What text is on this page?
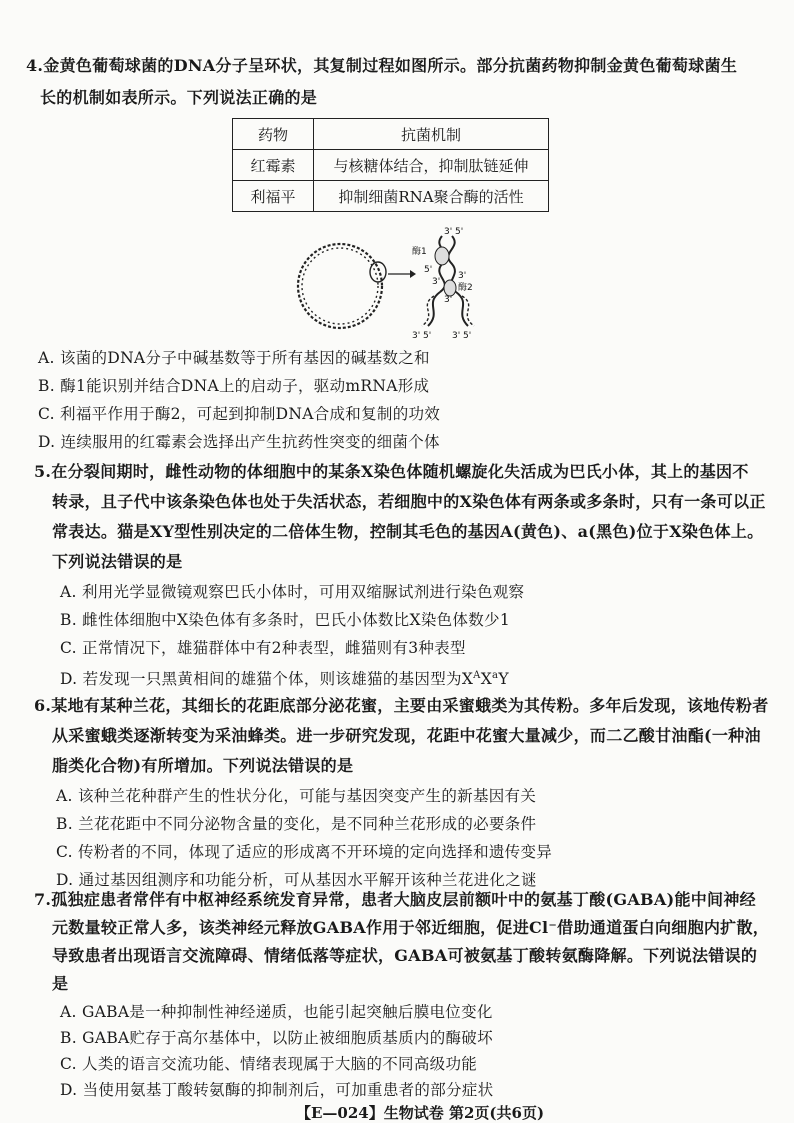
4.金黄色葡萄球菌的DNA分子呈环状，其复制过程如图所示。部分抗菌药物抑制金黄色葡萄球菌生
长的机制如表所示。下列说法正确的是
药物	抗菌机制
红霉素	与核糖体结合，抑制肽链延伸
利福平	抑制细菌RNA聚合酶的活性
3' 5'
酶1
5'
3'
酶2
3'
3'
3' 5' 3' 5'
A. 该菌的DNA分子中碱基数等于所有基因的碱基数之和
B. 酶1能识别并结合DNA上的启动子，驱动mRNA形成
C. 利福平作用于酶2，可起到抑制DNA合成和复制的功效
D. 连续服用的红霉素会选择出产生抗药性突变的细菌个体
5.在分裂间期时，雌性动物的体细胞中的某条X染色体随机螺旋化失活成为巴氏小体，其上的基因不
转录，且子代中该条染色体也处于失活状态，若细胞中的X染色体有两条或多条时，只有一条可以正
常表达。猫是XY型性别决定的二倍体生物，控制其毛色的基因A(黄色)、a(黑色)位于X染色体上。
下列说法错误的是
A. 利用光学显微镜观察巴氏小体时，可用双缩脲试剂进行染色观察
B. 雌性体细胞中X染色体有多条时，巴氏小体数比X染色体数少1
C. 正常情况下，雄猫群体中有2种表型，雌猫则有3种表型
D. 若发现一只黑黄相间的雄猫个体，则该雄猫的基因型为$X^AX^aY$
6.某地有某种兰花，其细长的花距底部分泌花蜜，主要由采蜜蛾类为其传粉。多年后发现，该地传粉者
从采蜜蛾类逐渐转变为采油蜂类。进一步研究发现，花距中花蜜大量减少，而二乙酸甘油酯(一种油
脂类化合物)有所增加。下列说法错误的是
A. 该种兰花种群产生的性状分化，可能与基因突变产生的新基因有关
B. 兰花花距中不同分泌物含量的变化，是不同种兰花形成的必要条件
C. 传粉者的不同，体现了适应的形成离不开环境的定向选择和遗传变异
D. 通过基因组测序和功能分析，可从基因水平解开该种兰花进化之谜
7.孤独症患者常伴有中枢神经系统发育异常，患者大脑皮层前额叶中的氨基丁酸(GABA)能中间神经
元数量较正常人多，该类神经元释放GABA作用于邻近细胞，促进Cl⁻借助通道蛋白向细胞内扩散，
导致患者出现语言交流障碍、情绪低落等症状，GABA可被氨基丁酸转氨酶降解。下列说法错误的
是
A. GABA是一种抑制性神经递质，也能引起突触后膜电位变化
B. GABA贮存于高尔基体中，以防止被细胞质基质内的酶破坏
C. 人类的语言交流功能、情绪表现属于大脑的不同高级功能
D. 当使用氨基丁酸转氨酶的抑制剂后，可加重患者的部分症状
【E—024】生物试卷 第2页(共6页)
